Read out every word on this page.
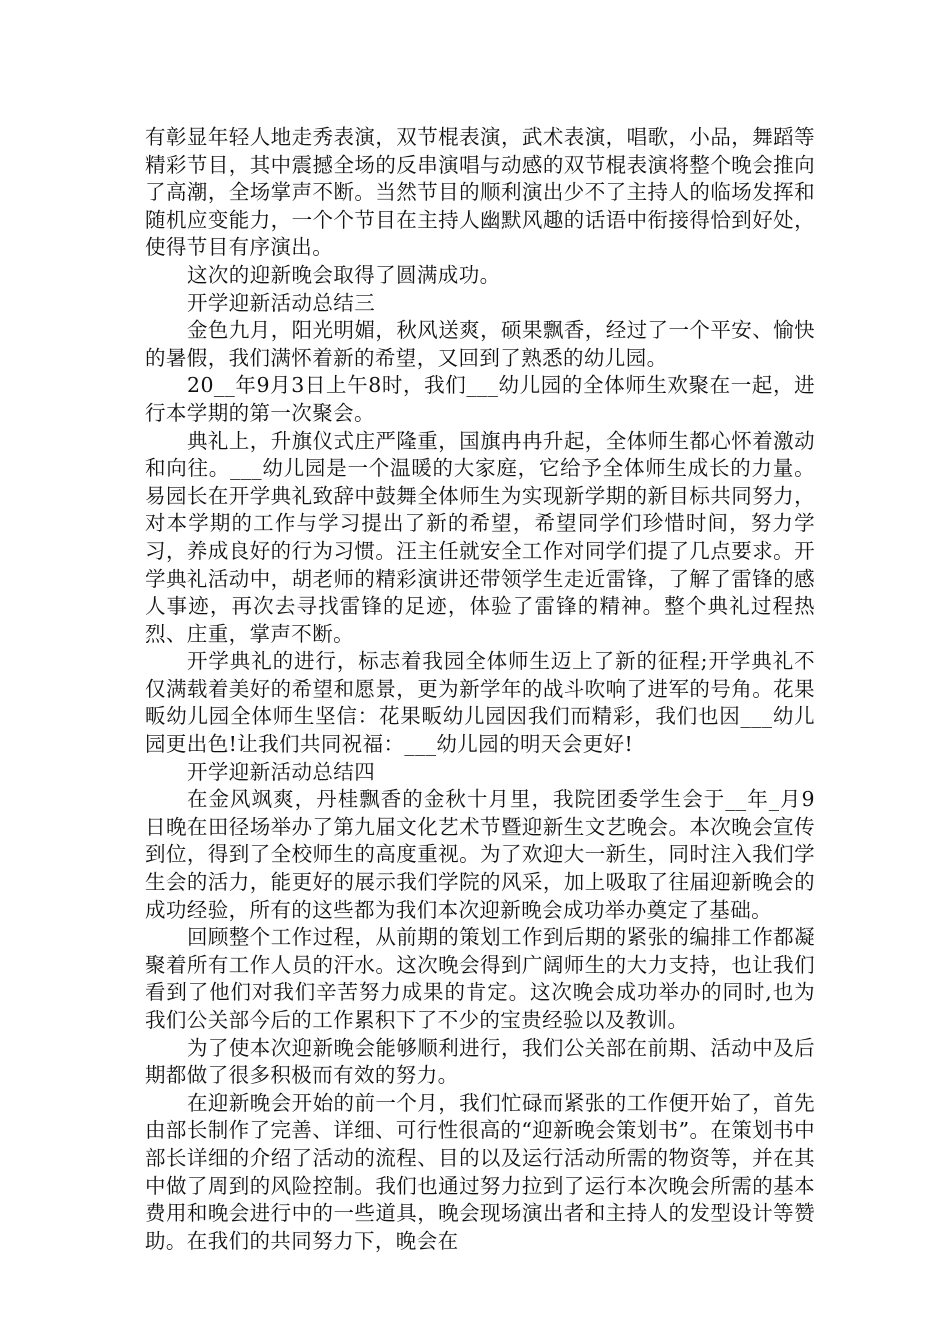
有彰显年轻人地走秀表演，双节棍表演，武术表演，唱歌，小品，舞蹈等精彩节目，其中震撼全场的反串演唱与动感的双节棍表演将整个晚会推向了高潮，全场掌声不断。当然节目的顺利演出少不了主持人的临场发挥和随机应变能力，一个个节目在主持人幽默风趣的话语中衔接得恰到好处，使得节目有序演出。

这次的迎新晚会取得了圆满成功。

开学迎新活动总结三

金色九月，阳光明媚，秋风送爽，硕果飘香，经过了一个平安、愉快的暑假，我们满怀着新的希望，又回到了熟悉的幼儿园。

20__年9月3日上午8时，我们___幼儿园的全体师生欢聚在一起，进行本学期的第一次聚会。

典礼上，升旗仪式庄严隆重，国旗冉冉升起，全体师生都心怀着激动和向往。___幼儿园是一个温暖的大家庭，它给予全体师生成长的力量。易园长在开学典礼致辞中鼓舞全体师生为实现新学期的新目标共同努力，对本学期的工作与学习提出了新的希望，希望同学们珍惜时间，努力学习，养成良好的行为习惯。汪主任就安全工作对同学们提了几点要求。开学典礼活动中，胡老师的精彩演讲还带领学生走近雷锋，了解了雷锋的感人事迹，再次去寻找雷锋的足迹，体验了雷锋的精神。整个典礼过程热烈、庄重，掌声不断。

开学典礼的进行，标志着我园全体师生迈上了新的征程;开学典礼不仅满载着美好的希望和愿景，更为新学年的战斗吹响了进军的号角。花果畈幼儿园全体师生坚信：花果畈幼儿园因我们而精彩，我们也因___幼儿园更出色!让我们共同祝福：___幼儿园的明天会更好!

开学迎新活动总结四

在金风飒爽，丹桂飘香的金秋十月里，我院团委学生会于__年_月9日晚在田径场举办了第九届文化艺术节暨迎新生文艺晚会。本次晚会宣传到位，得到了全校师生的高度重视。为了欢迎大一新生，同时注入我们学生会的活力，能更好的展示我们学院的风采，加上吸取了往届迎新晚会的成功经验，所有的这些都为我们本次迎新晚会成功举办奠定了基础。

回顾整个工作过程，从前期的策划工作到后期的紧张的编排工作都凝聚着所有工作人员的汗水。这次晚会得到广阔师生的大力支持，也让我们看到了他们对我们辛苦努力成果的肯定。这次晚会成功举办的同时,也为我们公关部今后的工作累积下了不少的宝贵经验以及教训。

为了使本次迎新晚会能够顺利进行，我们公关部在前期、活动中及后期都做了很多积极而有效的努力。

在迎新晚会开始的前一个月，我们忙碌而紧张的工作便开始了，首先由部长制作了完善、详细、可行性很高的“迎新晚会策划书”。在策划书中部长详细的介绍了活动的流程、目的以及运行活动所需的物资等，并在其中做了周到的风险控制。我们也通过努力拉到了运行本次晚会所需的基本费用和晚会进行中的一些道具，晚会现场演出者和主持人的发型设计等赞助。在我们的共同努力下，晚会在
